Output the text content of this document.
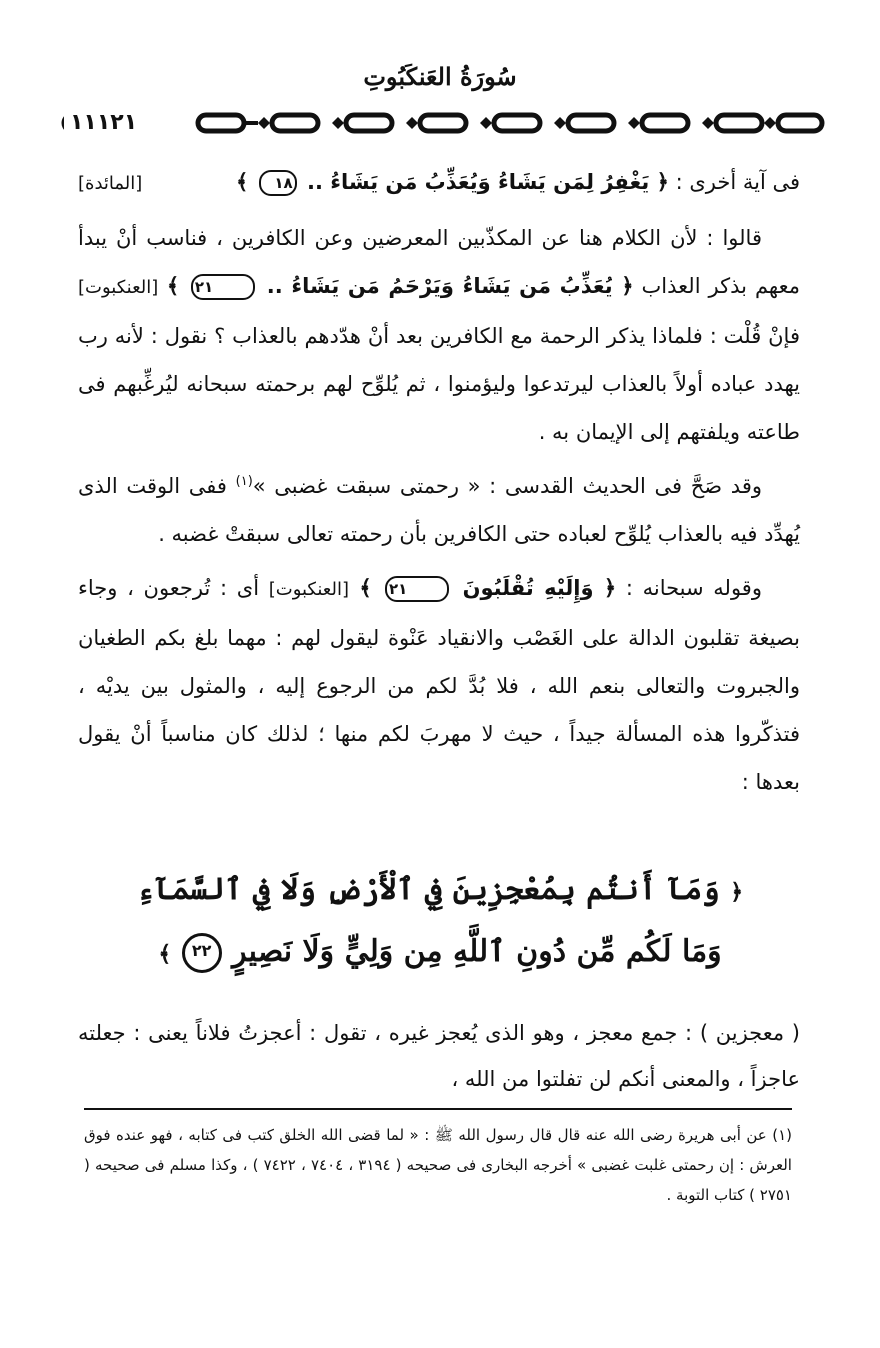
سُورَةُ العَنكَبُوتِ
١١١٢١

فى آية أخرى : ﴿ يَغْفِرُ لِمَن يَشَاءُ وَيُعَذِّبُ مَن يَشَاءُ .. ١٨ ﴾
[المائدة]

قالوا : لأن الكلام هنا عن المكذّبين المعرضين وعن الكافرين ، فناسب أنْ يبدأ معهم بذكر العذاب ﴿ يُعَذِّبُ مَن يَشَاءُ وَيَرْحَمُ مَن يَشَاءُ .. ٢١ ﴾ [العنكبوت] فإنْ قُلْت : فلماذا يذكر الرحمة مع الكافرين بعد أنْ هدّدهم بالعذاب ؟ نقول : لأنه رب يهدد عباده أولاً بالعذاب ليرتدعوا وليؤمنوا ، ثم يُلوِّح لهم برحمته سبحانه ليُرغِّبهم فى طاعته ويلفتهم إلى الإيمان به .

وقد صَحَّ فى الحديث القدسى : « رحمتى سبقت غضبى »$^{(١)}$ ففى الوقت الذى يُهدِّد فيه بالعذاب يُلوِّح لعباده حتى الكافرين بأن رحمته تعالى سبقتْ غضبه .

وقوله سبحانه : ﴿ وَإِلَيْهِ تُقْلَبُونَ ٢١ ﴾ [العنكبوت] أى : تُرجعون ، وجاء بصيغة تقلبون الدالة على الغَصْب والانقياد عَنْوة ليقول لهم : مهما بلغ بكم الطغيان والجبروت والتعالى بنعم الله ، فلا بُدَّ لكم من الرجوع إليه ، والمثول بين يديْه ، فتذكّروا هذه المسألة جيداً ، حيث لا مهربَ لكم منها ؛ لذلك كان مناسباً أنْ يقول بعدها :

﴿ وَمَآ أَنتُم بِمُعْجِزِينَ فِي ٱلْأَرْضِ وَلَا فِي ٱلسَّمَآءِ
وَمَا لَكُم مِّن دُونِ ٱللَّهِ مِن وَلِيٍّ وَلَا نَصِيرٍ ٢٢ ﴾

( معجزين ) : جمع معجز ، وهو الذى يُعجز غيره ، تقول : أعجزتُ فلاناً يعنى : جعلته عاجزاً ، والمعنى أنكم لن تفلتوا من الله ،

(١) عن أبى هريرة رضى الله عنه قال قال رسول الله ﷺ : « لما قضى الله الخلق كتب فى كتابه ، فهو عنده فوق العرش : إن رحمتى غلبت غضبى » أخرجه البخارى فى صحيحه ( ٣١٩٤ ، ٧٤٠٤ ، ٧٤٢٢ ) ، وكذا مسلم فى صحيحه ( ٢٧٥١ ) كتاب التوبة .
